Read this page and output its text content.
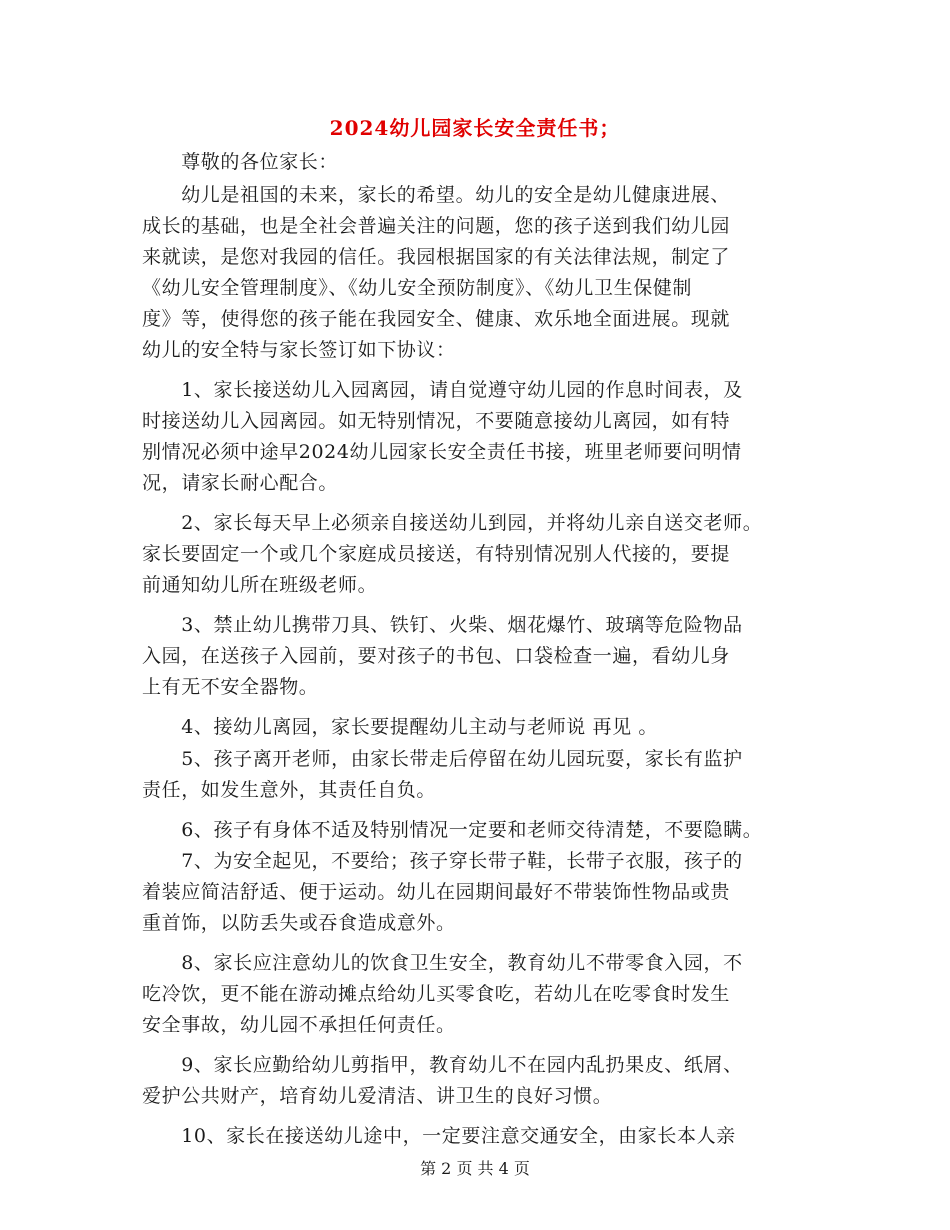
2024幼儿园家长安全责任书；
　　尊敬的各位家长：
　　幼儿是祖国的未来，家长的希望。幼儿的安全是幼儿健康进展、
成长的基础，也是全社会普遍关注的问题，您的孩子送到我们幼儿园
来就读，是您对我园的信任。我园根据国家的有关法律法规，制定了
《幼儿安全管理制度》、《幼儿安全预防制度》、《幼儿卫生保健制
度》等，使得您的孩子能在我园安全、健康、欢乐地全面进展。现就
幼儿的安全特与家长签订如下协议：
　　1、家长接送幼儿入园离园，请自觉遵守幼儿园的作息时间表，及
时接送幼儿入园离园。如无特别情况，不要随意接幼儿离园，如有特
别情况必须中途早2024幼儿园家长安全责任书接，班里老师要问明情
况，请家长耐心配合。
　　2、家长每天早上必须亲自接送幼儿到园，并将幼儿亲自送交老师。
家长要固定一个或几个家庭成员接送，有特别情况别人代接的，要提
前通知幼儿所在班级老师。
　　3、禁止幼儿携带刀具、铁钉、火柴、烟花爆竹、玻璃等危险物品
入园，在送孩子入园前，要对孩子的书包、口袋检查一遍，看幼儿身
上有无不安全器物。
　　4、接幼儿离园，家长要提醒幼儿主动与老师说 再见 。
　　5、孩子离开老师，由家长带走后停留在幼儿园玩耍，家长有监护
责任，如发生意外，其责任自负。
　　6、孩子有身体不适及特别情况一定要和老师交待清楚，不要隐瞒。
　　7、为安全起见，不要给；孩子穿长带子鞋，长带子衣服，孩子的
着装应简洁舒适、便于运动。幼儿在园期间最好不带装饰性物品或贵
重首饰，以防丢失或吞食造成意外。
　　8、家长应注意幼儿的饮食卫生安全，教育幼儿不带零食入园，不
吃冷饮，更不能在游动摊点给幼儿买零食吃，若幼儿在吃零食时发生
安全事故，幼儿园不承担任何责任。
　　9、家长应勤给幼儿剪指甲，教育幼儿不在园内乱扔果皮、纸屑、
爱护公共财产，培育幼儿爱清洁、讲卫生的良好习惯。
　　10、家长在接送幼儿途中，一定要注意交通安全，由家长本人亲
第 2 页 共 4 页
